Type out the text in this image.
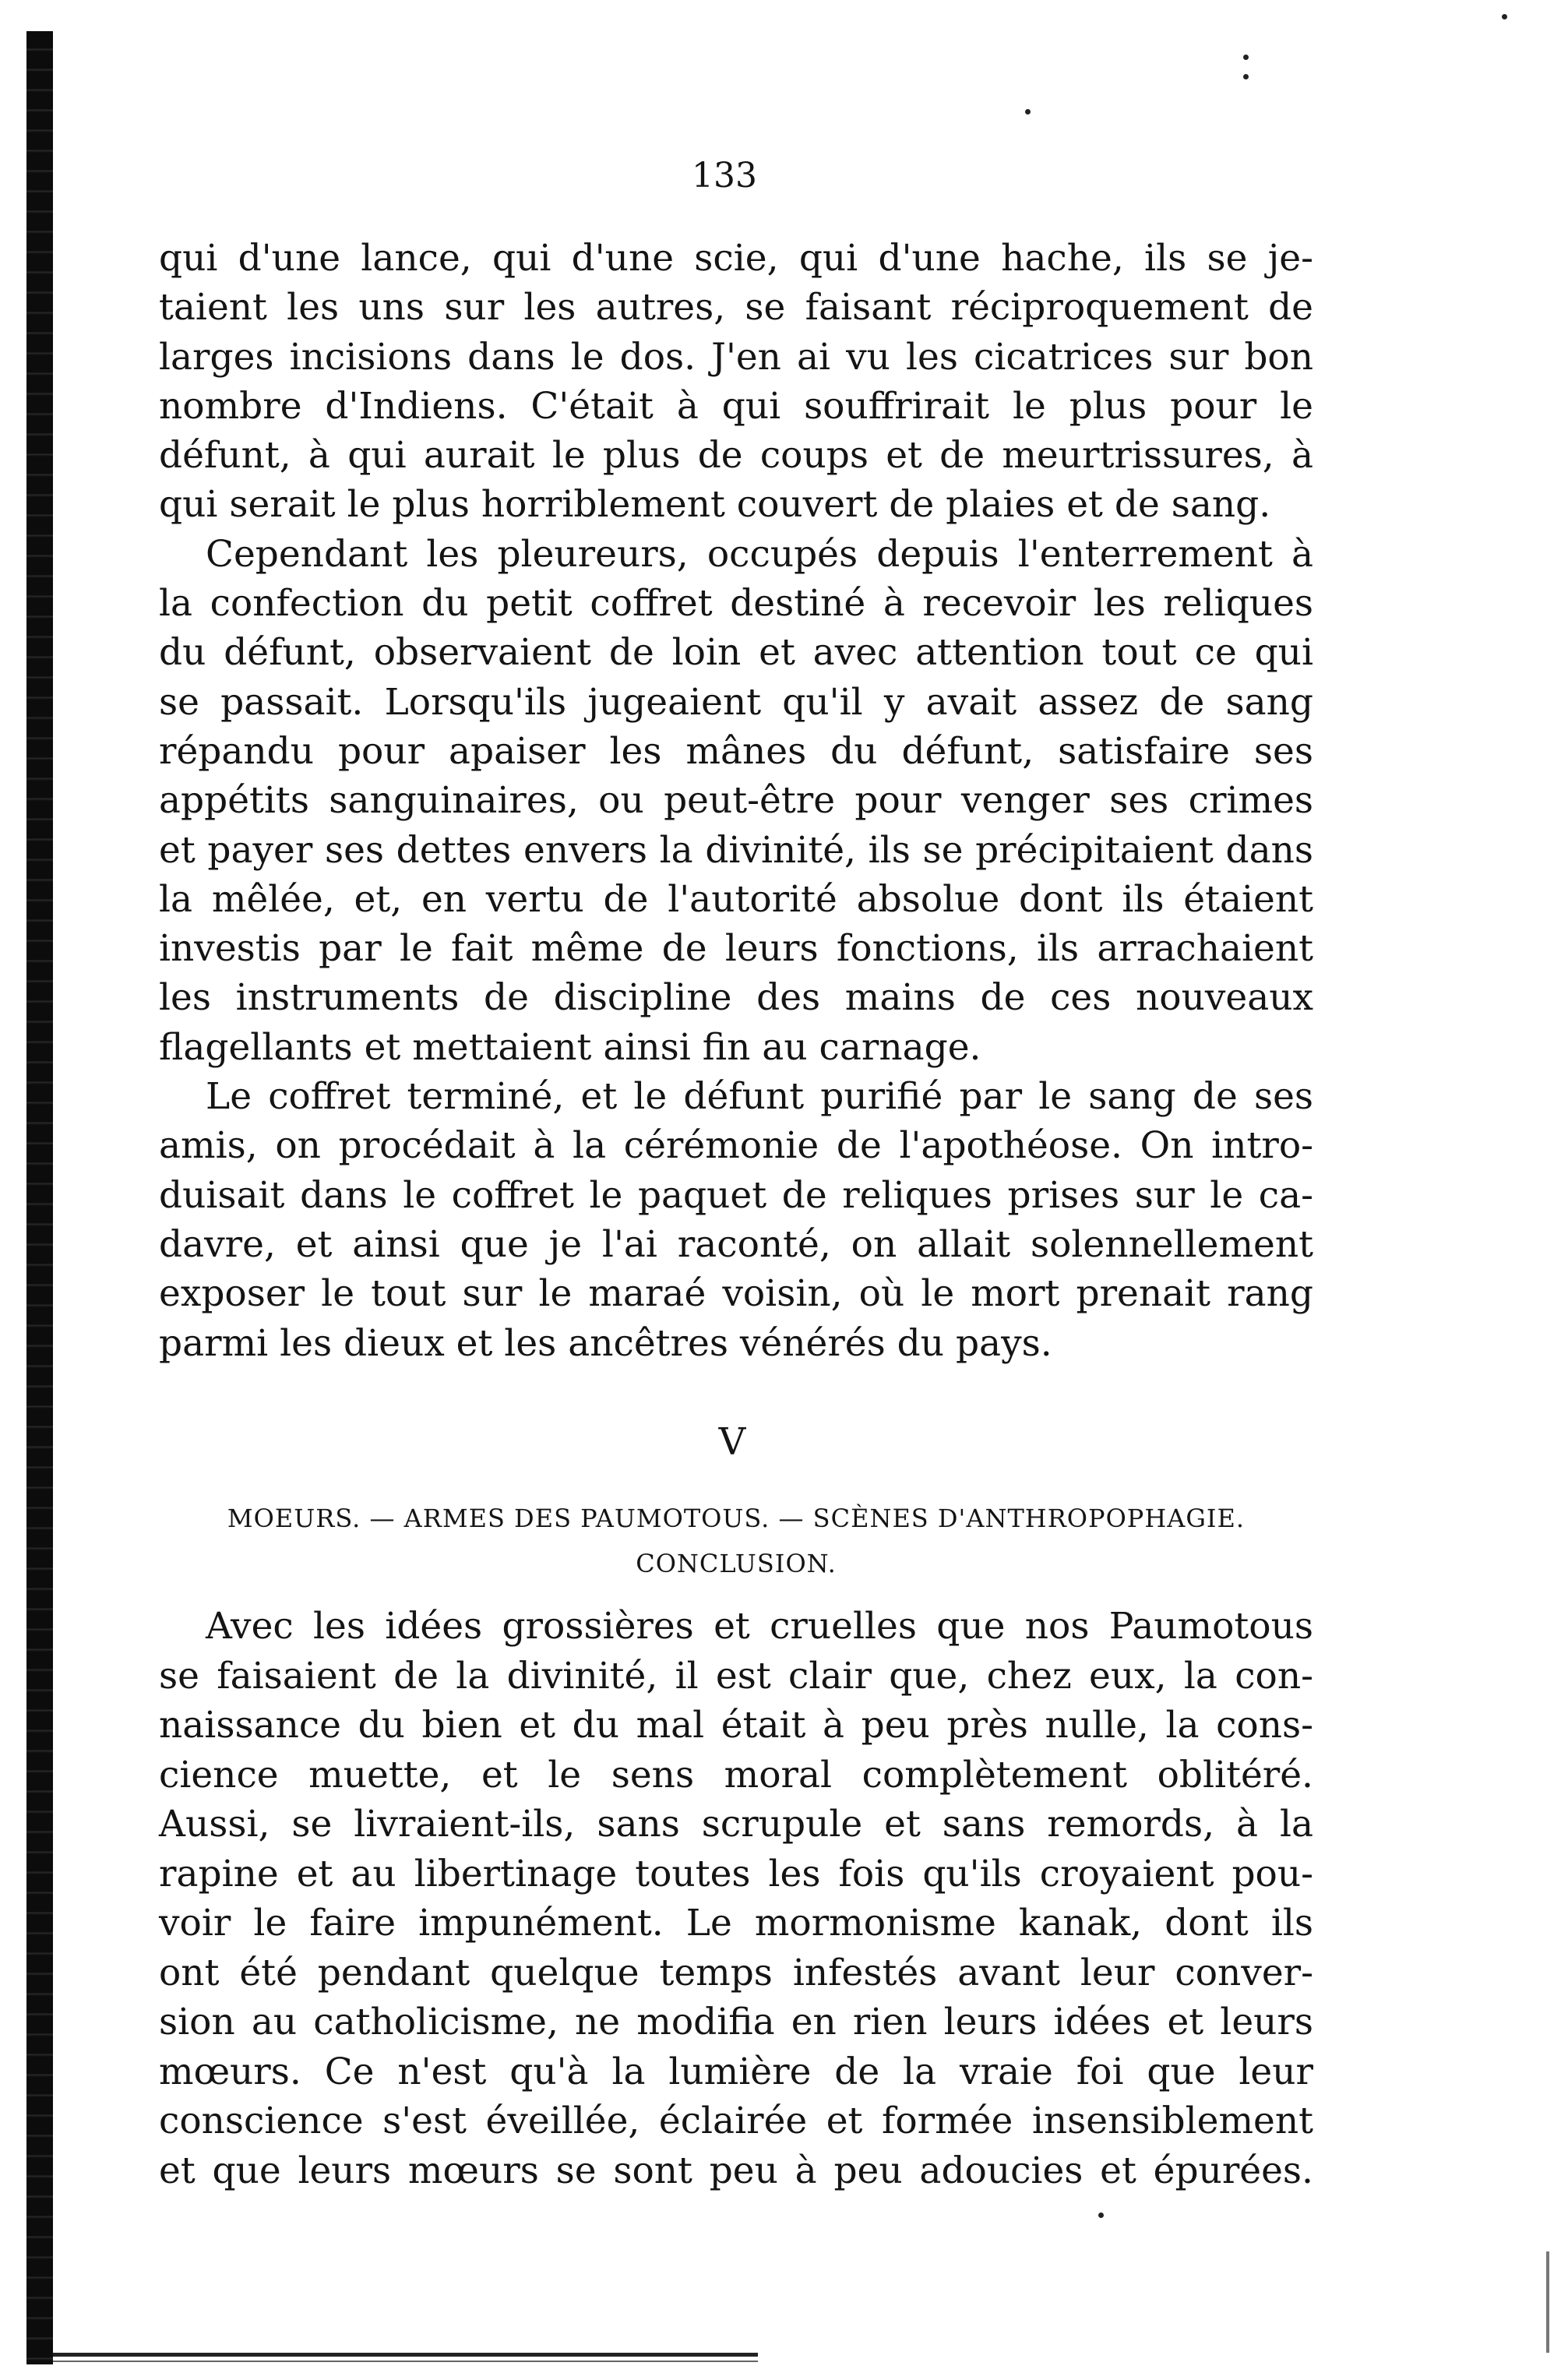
133
qui d'une lance, qui d'une scie, qui d'une hache, ils se je-
taient les uns sur les autres, se faisant réciproquement de
larges incisions dans le dos. J'en ai vu les cicatrices sur bon
nombre d'Indiens. C'était à qui souffrirait le plus pour le
défunt, à qui aurait le plus de coups et de meurtrissures, à
qui serait le plus horriblement couvert de plaies et de sang.
Cependant les pleureurs, occupés depuis l'enterrement à
la confection du petit coffret destiné à recevoir les reliques
du défunt, observaient de loin et avec attention tout ce qui
se passait. Lorsqu'ils jugeaient qu'il y avait assez de sang
répandu pour apaiser les mânes du défunt, satisfaire ses
appétits sanguinaires, ou peut-être pour venger ses crimes
et payer ses dettes envers la divinité, ils se précipitaient dans
la mêlée, et, en vertu de l'autorité absolue dont ils étaient
investis par le fait même de leurs fonctions, ils arrachaient
les instruments de discipline des mains de ces nouveaux
flagellants et mettaient ainsi fin au carnage.
Le coffret terminé, et le défunt purifié par le sang de ses
amis, on procédait à la cérémonie de l'apothéose. On intro-
duisait dans le coffret le paquet de reliques prises sur le ca-
davre, et ainsi que je l'ai raconté, on allait solennellement
exposer le tout sur le maraé voisin, où le mort prenait rang
parmi les dieux et les ancêtres vénérés du pays.
V
MOEURS. — ARMES DES PAUMOTOUS. — SCÈNES D'ANTHROPOPHAGIE.
CONCLUSION.
Avec les idées grossières et cruelles que nos Paumotous
se faisaient de la divinité, il est clair que, chez eux, la con-
naissance du bien et du mal était à peu près nulle, la cons-
cience muette, et le sens moral complètement oblitéré.
Aussi, se livraient-ils, sans scrupule et sans remords, à la
rapine et au libertinage toutes les fois qu'ils croyaient pou-
voir le faire impunément. Le mormonisme kanak, dont ils
ont été pendant quelque temps infestés avant leur conver-
sion au catholicisme, ne modifia en rien leurs idées et leurs
mœurs. Ce n'est qu'à la lumière de la vraie foi que leur
conscience s'est éveillée, éclairée et formée insensiblement
et que leurs mœurs se sont peu à peu adoucies et épurées.
